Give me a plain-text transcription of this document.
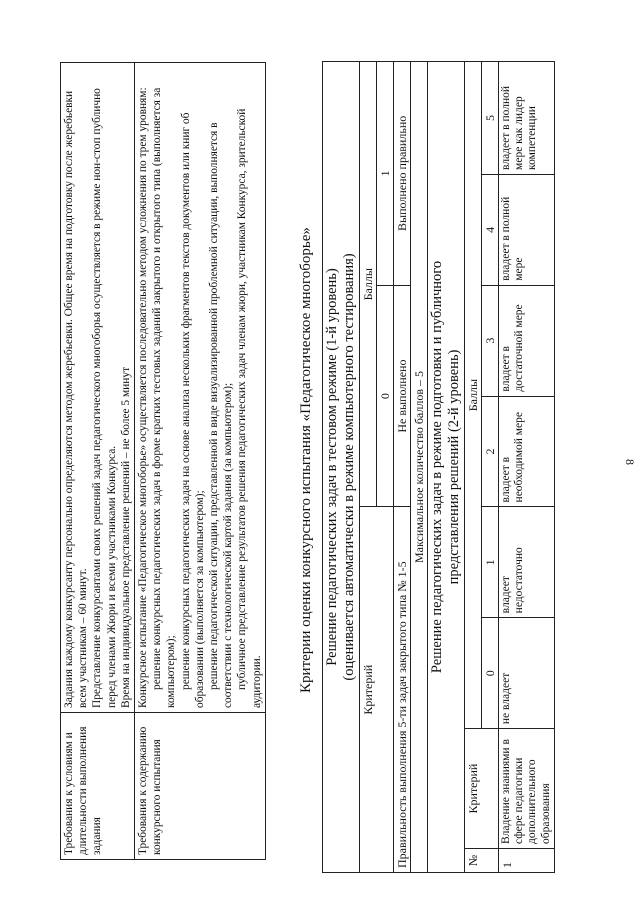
8
Требования к условиям и длительности выполнения задания	Задания каждому конкурсанту персонально определяются методом жеребьевки. Общее время на подготовку после жеребьевки всем участникам – 60 минут. Представление конкурсантами своих решений задач педагогического многоборья осуществляется в режиме нон-стоп публично перед членами Жюри и всеми участниками Конкурса. Время на индивидуальное представление решений – не более 5 минут

Требования к содержанию конкурсного испытания	Конкурсное испытание «Педагогическое многоборье» осуществляется последовательно методом усложнения по трем уровням: решение конкурсных педагогических задач в форме кратких тестовых заданий закрытого и открытого типа (выполняется за компьютером); решение конкурсных педагогических задач на основе анализа нескольких фрагментов текстов документов или книг об образовании (выполняется за компьютером); решение педагогической ситуации, представленной в виде визуализированной проблемной ситуации, выполняется в соответствии с технологической картой задания (за компьютером); публичное представление результатов решения педагогических задач членам жюри, участникам Конкурса, зрительской аудитории. Критерии оценки конкурсного испытания «Педагогическое многоборье» Решение педагогических задач в тестовом режиме (1-й уровень) (оценивается автоматически в режиме компьютерного тестирования)							

Критерий				Баллы			
				0		1	
Правильность выполнения 5-ти задач закрытого типа № 1-5				Не выполнено		Выполнено правильно	
Максимальное количество баллов – 5							

Решение педагогических задач в режиме подготовки и публичного представления решений (2-й уровень)							

№	Критерий	Баллы					
		0	1	2	3	4	5
1	Владение знаниями в сфере педагогики дополнительного образования	не владеет	владеет недостаточно	владеет в необходимой мере	владеет в достаточной мере	владеет в полной мере	владеет в полной мере как лидер компетенции
